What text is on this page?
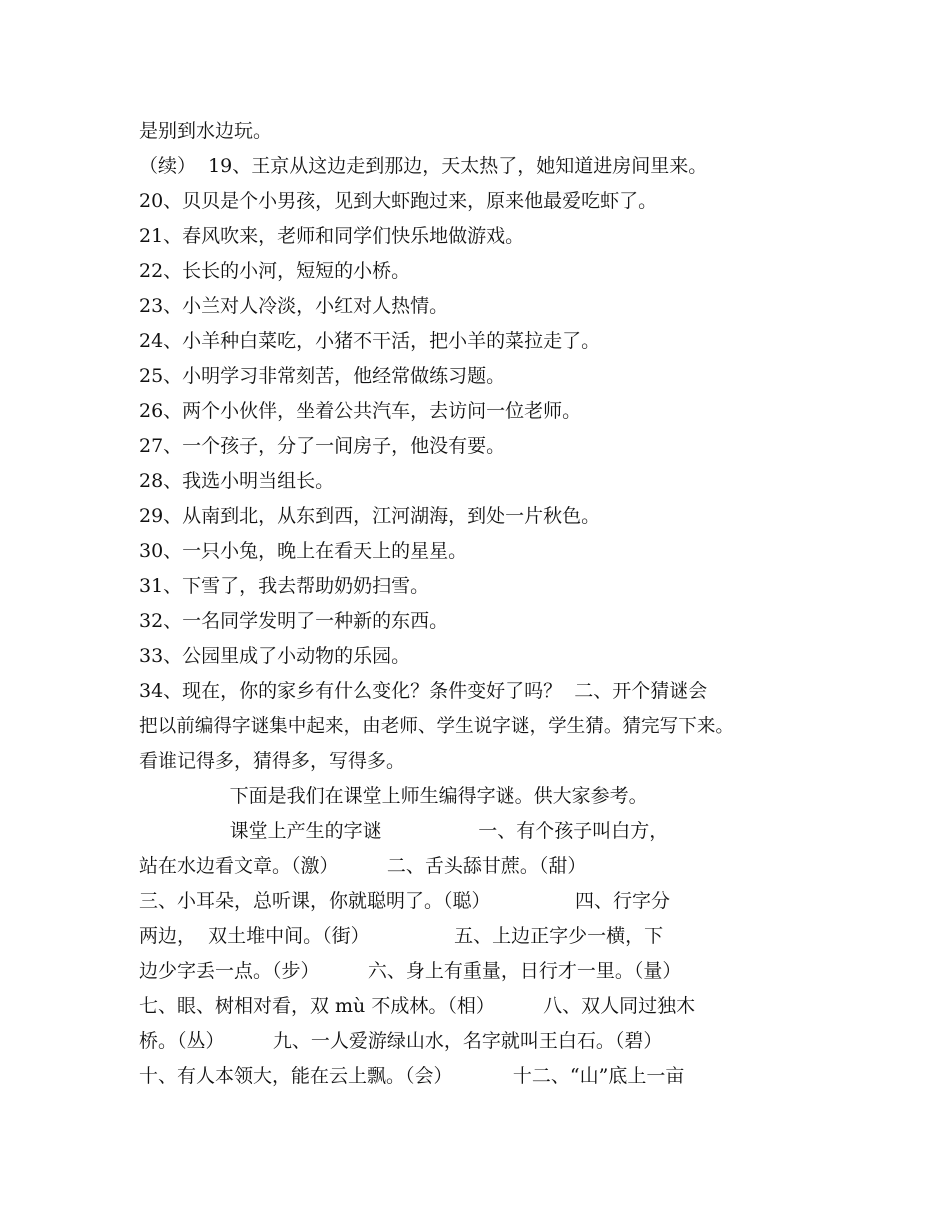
是别到水边玩。
（续）  19、王京从这边走到那边，天太热了，她知道进房间里来。
20、贝贝是个小男孩，见到大虾跑过来，原来他最爱吃虾了。
21、春风吹来，老师和同学们快乐地做游戏。
22、长长的小河，短短的小桥。
23、小兰对人冷淡，小红对人热情。
24、小羊种白菜吃，小猪不干活，把小羊的菜拉走了。
25、小明学习非常刻苦，他经常做练习题。
26、两个小伙伴，坐着公共汽车，去访问一位老师。
27、一个孩子，分了一间房子，他没有要。
28、我选小明当组长。
29、从南到北，从东到西，江河湖海，到处一片秋色。
30、一只小兔，晚上在看天上的星星。
31、下雪了，我去帮助奶奶扫雪。
32、一名同学发明了一种新的东西。
33、公园里成了小动物的乐园。
34、现在，你的家乡有什么变化？条件变好了吗？  二、开个猜谜会
把以前编得字谜集中起来，由老师、学生说字谜，学生猜。猜完写下来。
看谁记得多，猜得多，写得多。
下面是我们在课堂上师生编得字谜。供大家参考。
课堂上产生的字谜                一、有个孩子叫白方，
站在水边看文章。（激）        二、舌头舔甘蔗。（甜）
三、小耳朵，总听课，你就聪明了。（聪）              四、行字分
两边，  双土堆中间。（街）              五、上边正字少一横，下
边少字丢一点。（步）        六、身上有重量，日行才一里。（量）
七、眼、树相对看，双 mù 不成林。（相）        八、双人同过独木
桥。（丛）        九、一人爱游绿山水，名字就叫王白石。（碧）
十、有人本领大，能在云上飘。（会）          十二、“山”底上一亩
